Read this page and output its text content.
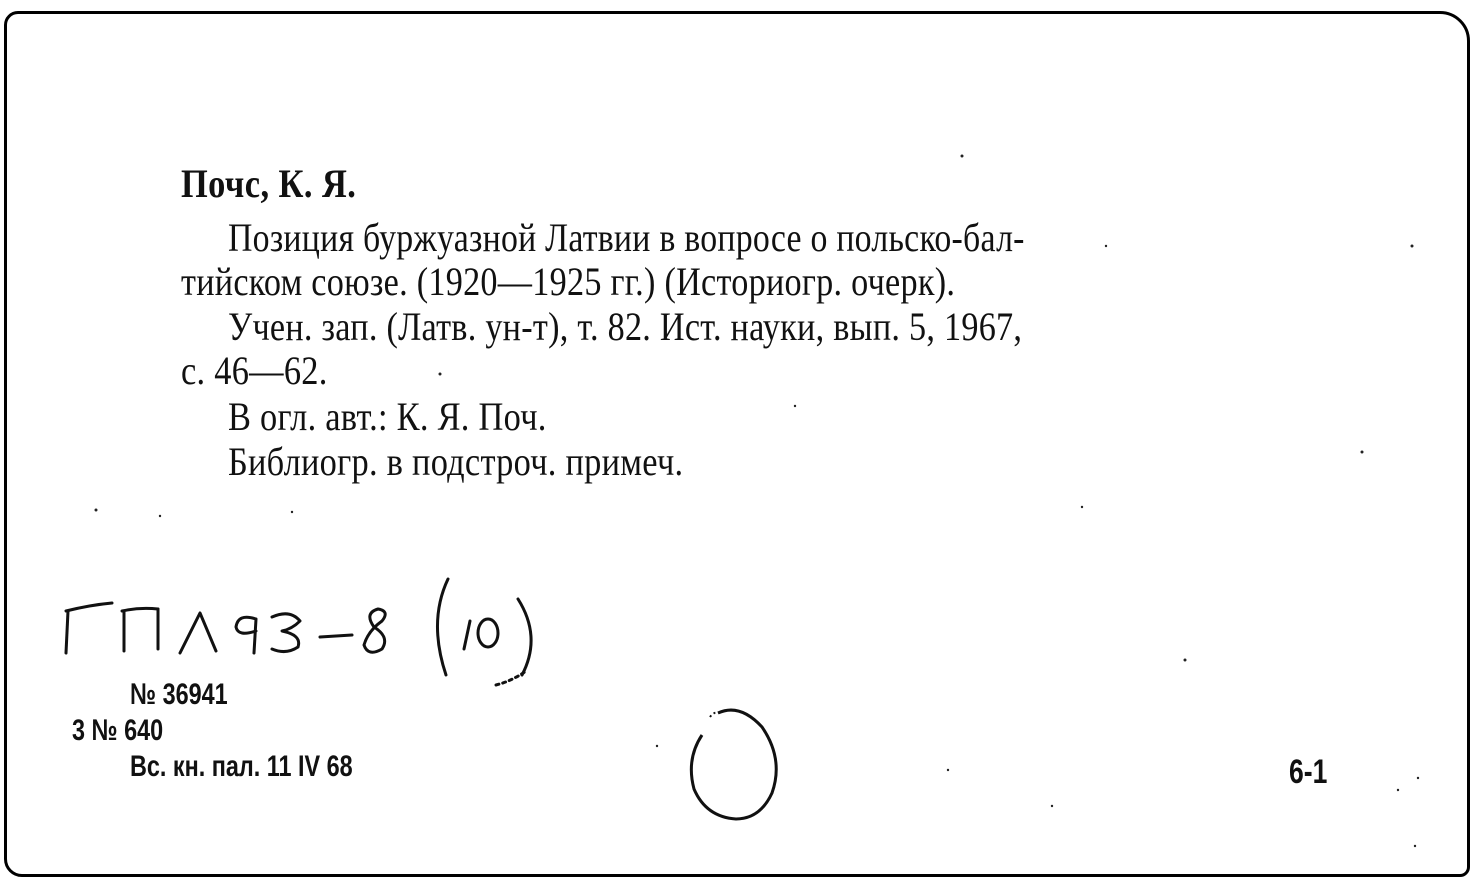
Почс, К. Я.
Позиция буржуазной Латвии в вопросе о польско-бал-
тийском союзе. (1920—1925 гг.) (Историогр. очерк).
Учен. зап. (Латв. ун-т), т. 82. Ист. науки, вып. 5, 1967,
с. 46—62.
В огл. авт.: К. Я. Поч.
Библиогр. в подстроч. примеч.
№ 36941
3 № 640
Вс. кн. пал. 11 IV 68	6-1
